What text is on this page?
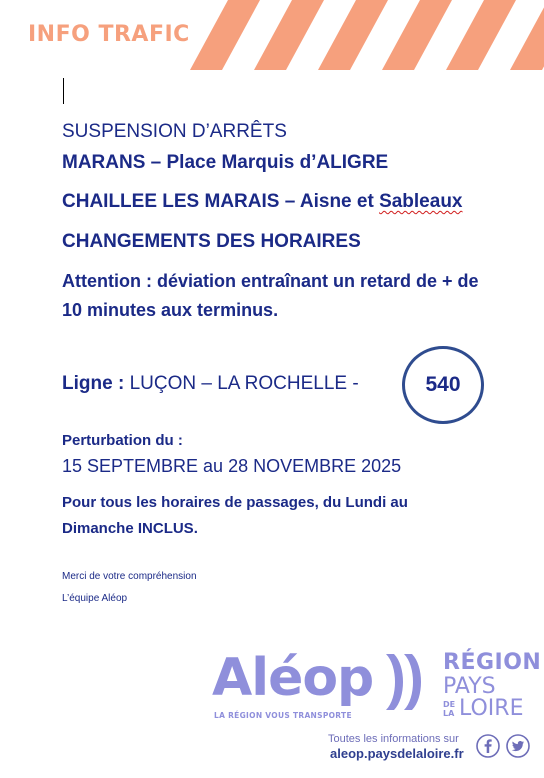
INFO TRAFIC
SUSPENSION D’ARRÊTS
MARANS – Place Marquis d’ALIGRE
CHAILLEE LES MARAIS – Aisne et Sableaux
CHANGEMENTS DES HORAIRES
Attention : déviation entraînant un retard de + de 10 minutes aux terminus.
Ligne : LUÇON – LA ROCHELLE -	540
Perturbation du :
15 SEPTEMBRE au 28 NOVEMBRE 2025
Pour tous les horaires de passages, du Lundi au Dimanche INCLUS.
Merci de votre compréhension
L’équipe Aléop
Aléop
LA RÉGION VOUS TRANSPORTE
RÉGION
PAYS
DE LA LOIRE
Toutes les informations sur
aleop.paysdelaloire.fr
